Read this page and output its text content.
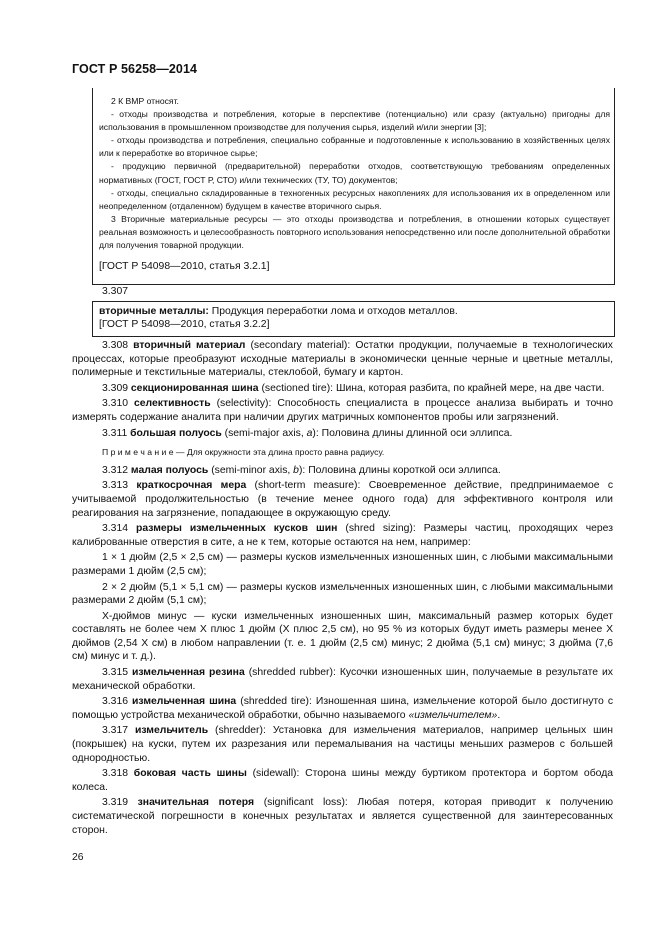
ГОСТ Р 56258—2014

2 К ВМР относят.

- отходы производства и потребления, которые в перспективе (потенциально) или сразу (актуально) пригодны для использования в промышленном производстве для получения сырья, изделий и/или энергии [3];

- отходы производства и потребления, специально собранные и подготовленные к использованию в хозяйственных целях или к переработке во вторичное сырье;

- продукцию первичной (предварительной) переработки отходов, соответствующую требованиям определенных нормативных (ГОСТ, ГОСТ Р, СТО) и/или технических (ТУ, ТО) документов;

- отходы, специально складированные в техногенных ресурсных накоплениях для использования их в определенном или неопределенном (отдаленном) будущем в качестве вторичного сырья.

3 Вторичные материальные ресурсы — это отходы производства и потребления, в отношении которых существует реальная возможность и целесообразность повторного использования непосредственно или после дополнительной обработки для получения товарной продукции.

[ГОСТ Р 54098—2010, статья 3.2.1]

3.307

вторичные металлы: Продукция переработки лома и отходов металлов.

[ГОСТ Р 54098—2010, статья 3.2.2]

3.308 вторичный материал (secondary material): Остатки продукции, получаемые в технологических процессах, которые преобразуют исходные материалы в экономически ценные черные и цветные металлы, полимерные и текстильные материалы, стеклобой, бумагу и картон.

3.309 секционированная шина (sectioned tire): Шина, которая разбита, по крайней мере, на две части.

3.310 селективность (selectivity): Способность специалиста в процессе анализа выбирать и точно измерять содержание аналита при наличии других матричных компонентов пробы или загрязнений.

3.311 большая полуось (semi-major axis, a): Половина длины длинной оси эллипса.

П р и м е ч а н и е — Для окружности эта длина просто равна радиусу.

3.312 малая полуось (semi-minor axis, b): Половина длины короткой оси эллипса.

3.313 краткосрочная мера (short-term measure): Своевременное действие, предпринимаемое с учитываемой продолжительностью (в течение менее одного года) для эффективного контроля или реагирования на загрязнение, попадающее в окружающую среду.

3.314 размеры измельченных кусков шин (shred sizing): Размеры частиц, проходящих через калиброванные отверстия в сите, а не к тем, которые остаются на нем, например:

1 × 1 дюйм (2,5 × 2,5 см) — размеры кусков измельченных изношенных шин, с любыми максимальными размерами 1 дюйм (2,5 см);

2 × 2 дюйм (5,1 × 5,1 см) — размеры кусков измельченных изношенных шин, с любыми максимальными размерами 2 дюйм (5,1 см);

X-дюймов минус — куски измельченных изношенных шин, максимальный размер которых будет составлять не более чем X плюс 1 дюйм (X плюс 2,5 см), но 95 % из которых будут иметь размеры менее X дюймов (2,54 X см) в любом направлении (т. е. 1 дюйм (2,5 см) минус; 2 дюйма (5,1 см) минус; 3 дюйма (7,6 см) минус и т. д.).

3.315 измельченная резина (shredded rubber): Кусочки изношенных шин, получаемые в результате их механической обработки.

3.316 измельченная шина (shredded tire): Изношенная шина, измельчение которой было достигнуто с помощью устройства механической обработки, обычно называемого «измельчителем».

3.317 измельчитель (shredder): Установка для измельчения материалов, например цельных шин (покрышек) на куски, путем их разрезания или перемалывания на частицы меньших размеров с большей однородностью.

3.318 боковая часть шины (sidewall): Сторона шины между буртиком протектора и бортом обода колеса.

3.319 значительная потеря (significant loss): Любая потеря, которая приводит к получению систематической погрешности в конечных результатах и является существенной для заинтересованных сторон.

26
